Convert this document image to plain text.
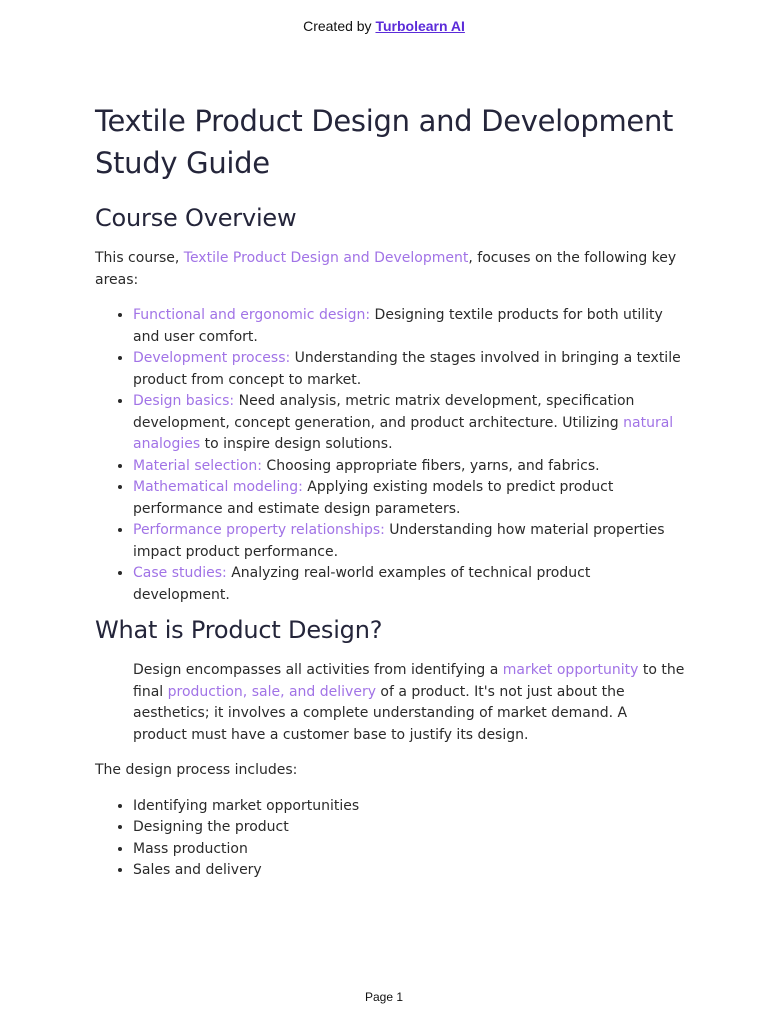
Created by Turbolearn AI
Textile Product Design and Development Study Guide
Course Overview

This course, Textile Product Design and Development, focuses on the following key areas:

• Functional and ergonomic design: Designing textile products for both utility and user comfort.
• Development process: Understanding the stages involved in bringing a textile product from concept to market.
• Design basics: Need analysis, metric matrix development, specification development, concept generation, and product architecture. Utilizing natural analogies to inspire design solutions.
• Material selection: Choosing appropriate fibers, yarns, and fabrics.
• Mathematical modeling: Applying existing models to predict product performance and estimate design parameters.
• Performance property relationships: Understanding how material properties impact product performance.
• Case studies: Analyzing real-world examples of technical product development.
What is Product Design?

Design encompasses all activities from identifying a market opportunity to the final production, sale, and delivery of a product. It's not just about the aesthetics; it involves a complete understanding of market demand. A product must have a customer base to justify its design.

The design process includes:

• Identifying market opportunities
• Designing the product
• Mass production
• Sales and delivery
Page 1
